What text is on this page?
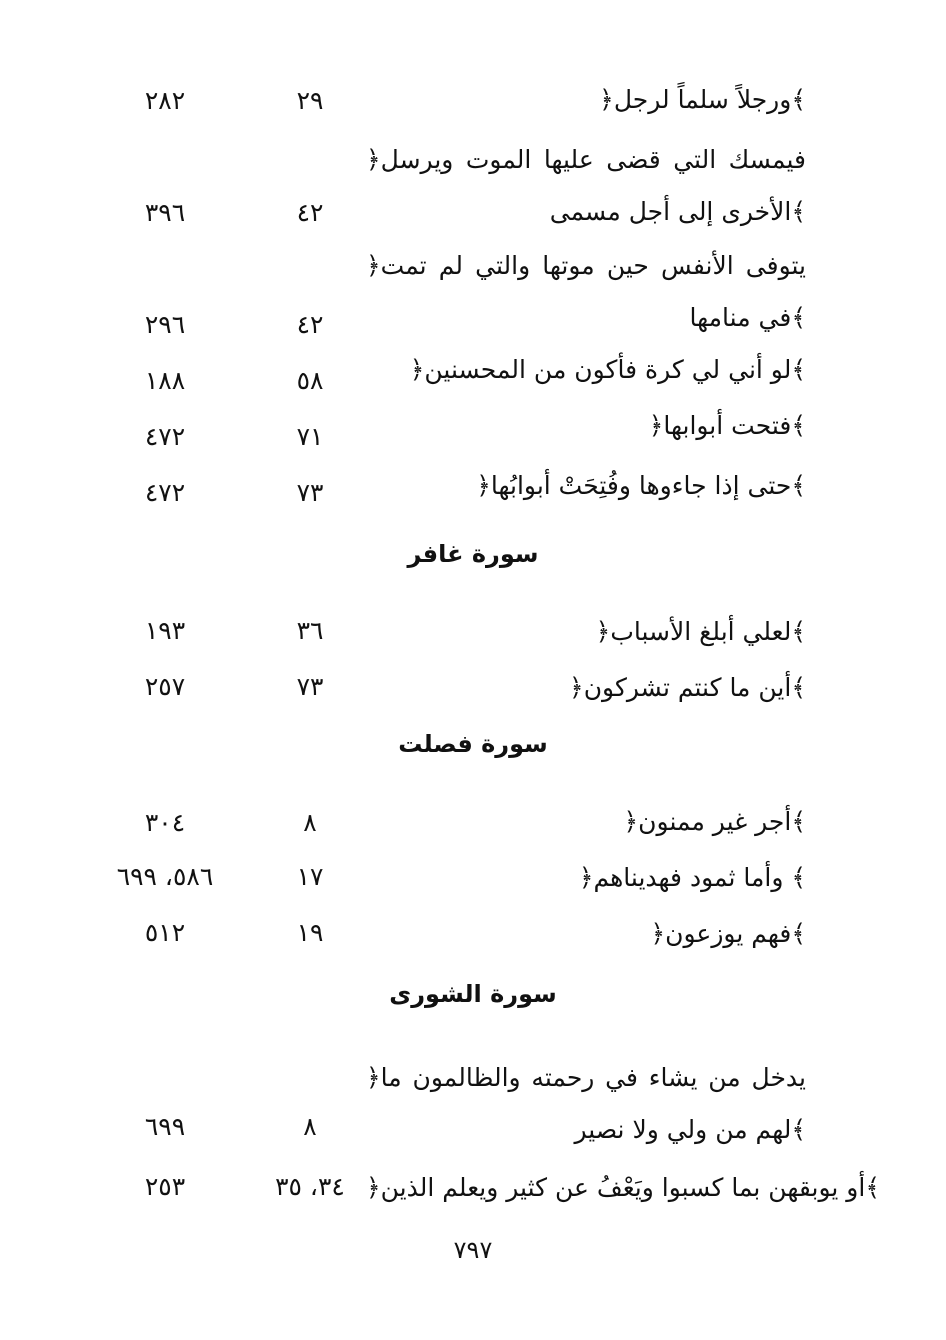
﴿ورجلاً سلماً لرجل﴾
٢٩
٢٨٢
﴿فيمسك التي قضى عليها الموت ويرسل الأخرى إلى أجل مسمى﴾
٤٢
٣٩٦
﴿يتوفى الأنفس حين موتها والتي لم تمت في منامها﴾
٤٢
٢٩٦
﴿لو أني لي كرة فأكون من المحسنين﴾
٥٨
١٨٨
﴿فتحت أبوابها﴾
٧١
٤٧٢
﴿حتى إذا جاءوها وفُتِحَتْ أبوابُها﴾
٧٣
٤٧٢
سورة غافر
﴿لعلي أبلغ الأسباب﴾
٣٦
١٩٣
﴿أين ما كنتم تشركون﴾
٧٣
٢٥٧
سورة فصلت
﴿أجر غير ممنون﴾
٨
٣٠٤
﴿وأما ثمود فهديناهم ﴾
١٧
٥٨٦، ٦٩٩
﴿فهم يوزعون﴾
١٩
٥١٢
سورة الشورى
﴿يدخل من يشاء في رحمته والظالمون ما لهم من ولي ولا نصير﴾
٨
٦٩٩
﴿أو يوبقهن بما كسبوا ويَعْفُ عن كثير ويعلم الذين﴾
٣٤، ٣٥
٢٥٣
٧٩٧
